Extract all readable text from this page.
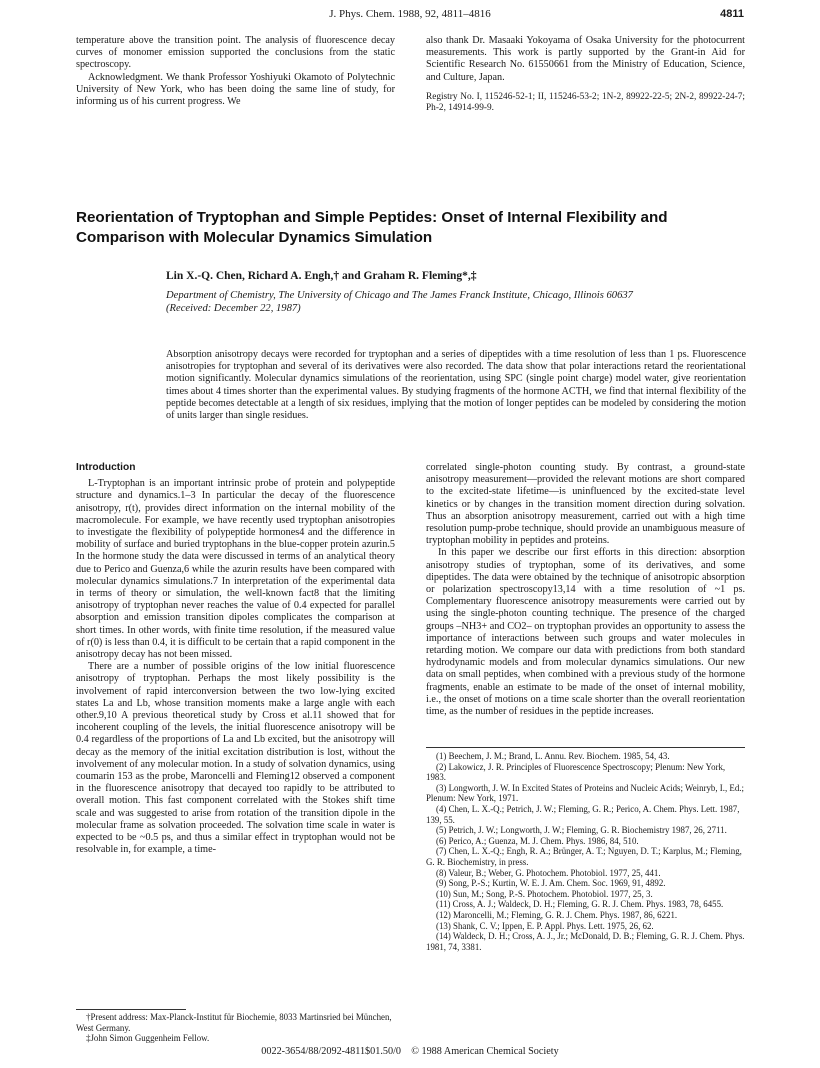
J. Phys. Chem. 1988, 92, 4811–4816	4811

temperature above the transition point. The analysis of fluorescence decay curves of monomer emission supported the conclusions from the static spectroscopy.

Acknowledgment. We thank Professor Yoshiyuki Okamoto of Polytechnic University of New York, who has been doing the same line of study, for informing us of his current progress. We

also thank Dr. Masaaki Yokoyama of Osaka University for the photocurrent measurements. This work is partly supported by the Grant-in Aid for Scientific Research No. 61550661 from the Ministry of Education, Science, and Culture, Japan.

Registry No. I, 115246-52-1; II, 115246-53-2; 1N-2, 89922-22-5; 2N-2, 89922-24-7; Ph-2, 14914-99-9.

Reorientation of Tryptophan and Simple Peptides: Onset of Internal Flexibility and Comparison with Molecular Dynamics Simulation
Lin X.-Q. Chen, Richard A. Engh,† and Graham R. Fleming*,‡
Department of Chemistry, The University of Chicago and The James Franck Institute, Chicago, Illinois 60637
(Received: December 22, 1987)
Absorption anisotropy decays were recorded for tryptophan and a series of dipeptides with a time resolution of less than 1 ps. Fluorescence anisotropies for tryptophan and several of its derivatives were also recorded. The data show that polar interactions retard the reorientational motion significantly. Molecular dynamics simulations of the reorientation, using SPC (single point charge) model water, give reorientation times about 4 times shorter than the experimental values. By studying fragments of the hormone ACTH, we find that internal flexibility of the peptide becomes detectable at a length of six residues, implying that the motion of longer peptides can be modeled by considering the motion of units larger than single residues.
Introduction

L-Tryptophan is an important intrinsic probe of protein and polypeptide structure and dynamics.1–3 In particular the decay of the fluorescence anisotropy, r(t), provides direct information on the internal mobility of the macromolecule. For example, we have recently used tryptophan anisotropies to investigate the flexibility of polypeptide hormones4 and the difference in mobility of surface and buried tryptophans in the blue-copper protein azurin.5 In the hormone study the data were discussed in terms of an analytical theory due to Perico and Guenza,6 while the azurin results have been compared with molecular dynamics simulations.7 In interpretation of the experimental data in terms of theory or simulation, the well-known fact8 that the limiting anisotropy of tryptophan never reaches the value of 0.4 expected for parallel absorption and emission transition dipoles complicates the comparison at short times. In other words, with finite time resolution, if the measured value of r(0) is less than 0.4, it is difficult to be certain that a rapid component in the anisotropy decay has not been missed.

There are a number of possible origins of the low initial fluorescence anisotropy of tryptophan. Perhaps the most likely possibility is the involvement of rapid interconversion between the two low-lying excited states La and Lb, whose transition moments make a large angle with each other.9,10 A previous theoretical study by Cross et al.11 showed that for incoherent coupling of the levels, the initial fluorescence anisotropy will be 0.4 regardless of the proportions of La and Lb excited, but the anisotropy will decay as the memory of the initial excitation distribution is lost, without the involvement of any molecular motion. In a study of solvation dynamics, using coumarin 153 as the probe, Maroncelli and Fleming12 observed a component in the fluorescence anisotropy that decayed too rapidly to be attributed to overall motion. This fast component correlated with the Stokes shift time scale and was suggested to arise from rotation of the transition dipole in the molecular frame as solvation proceeded. The solvation time scale in water is expected to be ~0.5 ps, and thus a similar effect in tryptophan would not be resolvable in, for example, a time-

correlated single-photon counting study. By contrast, a ground-state anisotropy measurement—provided the relevant motions are short compared to the excited-state lifetime—is uninfluenced by the excited-state level kinetics or by changes in the transition moment direction during solvation. Thus an absorption anisotropy measurement, carried out with a high time resolution pump-probe technique, should provide an unambiguous measure of tryptophan mobility in peptides and proteins.

In this paper we describe our first efforts in this direction: absorption anisotropy studies of tryptophan, some of its derivatives, and some dipeptides. The data were obtained by the technique of anisotropic absorption or polarization spectroscopy13,14 with a time resolution of ~1 ps. Complementary fluorescence anisotropy measurements were carried out by using the single-photon counting technique. The presence of the charged groups –NH3+ and CO2– on tryptophan provides an opportunity to assess the importance of interactions between such groups and water molecules in retarding motion. We compare our data with predictions from both standard hydrodynamic models and from molecular dynamics simulations. Our new data on small peptides, when combined with a previous study of the hormone fragments, enable an estimate to be made of the onset of internal mobility, i.e., the onset of motions on a time scale shorter than the overall reorientation time, as the number of residues in the peptide increases.

(1) Beechem, J. M.; Brand, L. Annu. Rev. Biochem. 1985, 54, 43.

(2) Lakowicz, J. R. Principles of Fluorescence Spectroscopy; Plenum: New York, 1983.

(3) Longworth, J. W. In Excited States of Proteins and Nucleic Acids; Weinryb, I., Ed.; Plenum: New York, 1971.

(4) Chen, L. X.-Q.; Petrich, J. W.; Fleming, G. R.; Perico, A. Chem. Phys. Lett. 1987, 139, 55.

(5) Petrich, J. W.; Longworth, J. W.; Fleming, G. R. Biochemistry 1987, 26, 2711.

(6) Perico, A.; Guenza, M. J. Chem. Phys. 1986, 84, 510.

(7) Chen, L. X.-Q.; Engh, R. A.; Brünger, A. T.; Nguyen, D. T.; Karplus, M.; Fleming, G. R. Biochemistry, in press.

(8) Valeur, B.; Weber, G. Photochem. Photobiol. 1977, 25, 441.

(9) Song, P.-S.; Kurtin, W. E. J. Am. Chem. Soc. 1969, 91, 4892.

(10) Sun, M.; Song, P.-S. Photochem. Photobiol. 1977, 25, 3.

(11) Cross, A. J.; Waldeck, D. H.; Fleming, G. R. J. Chem. Phys. 1983, 78, 6455.

(12) Maroncelli, M.; Fleming, G. R. J. Chem. Phys. 1987, 86, 6221.

(13) Shank, C. V.; Ippen, E. P. Appl. Phys. Lett. 1975, 26, 62.

(14) Waldeck, D. H.; Cross, A. J., Jr.; McDonald, D. B.; Fleming, G. R. J. Chem. Phys. 1981, 74, 3381.

†Present address: Max-Planck-Institut für Biochemie, 8033 Martinsried bei München, West Germany.

‡John Simon Guggenheim Fellow.

0022-3654/88/2092-4811$01.50/0 © 1988 American Chemical Society
